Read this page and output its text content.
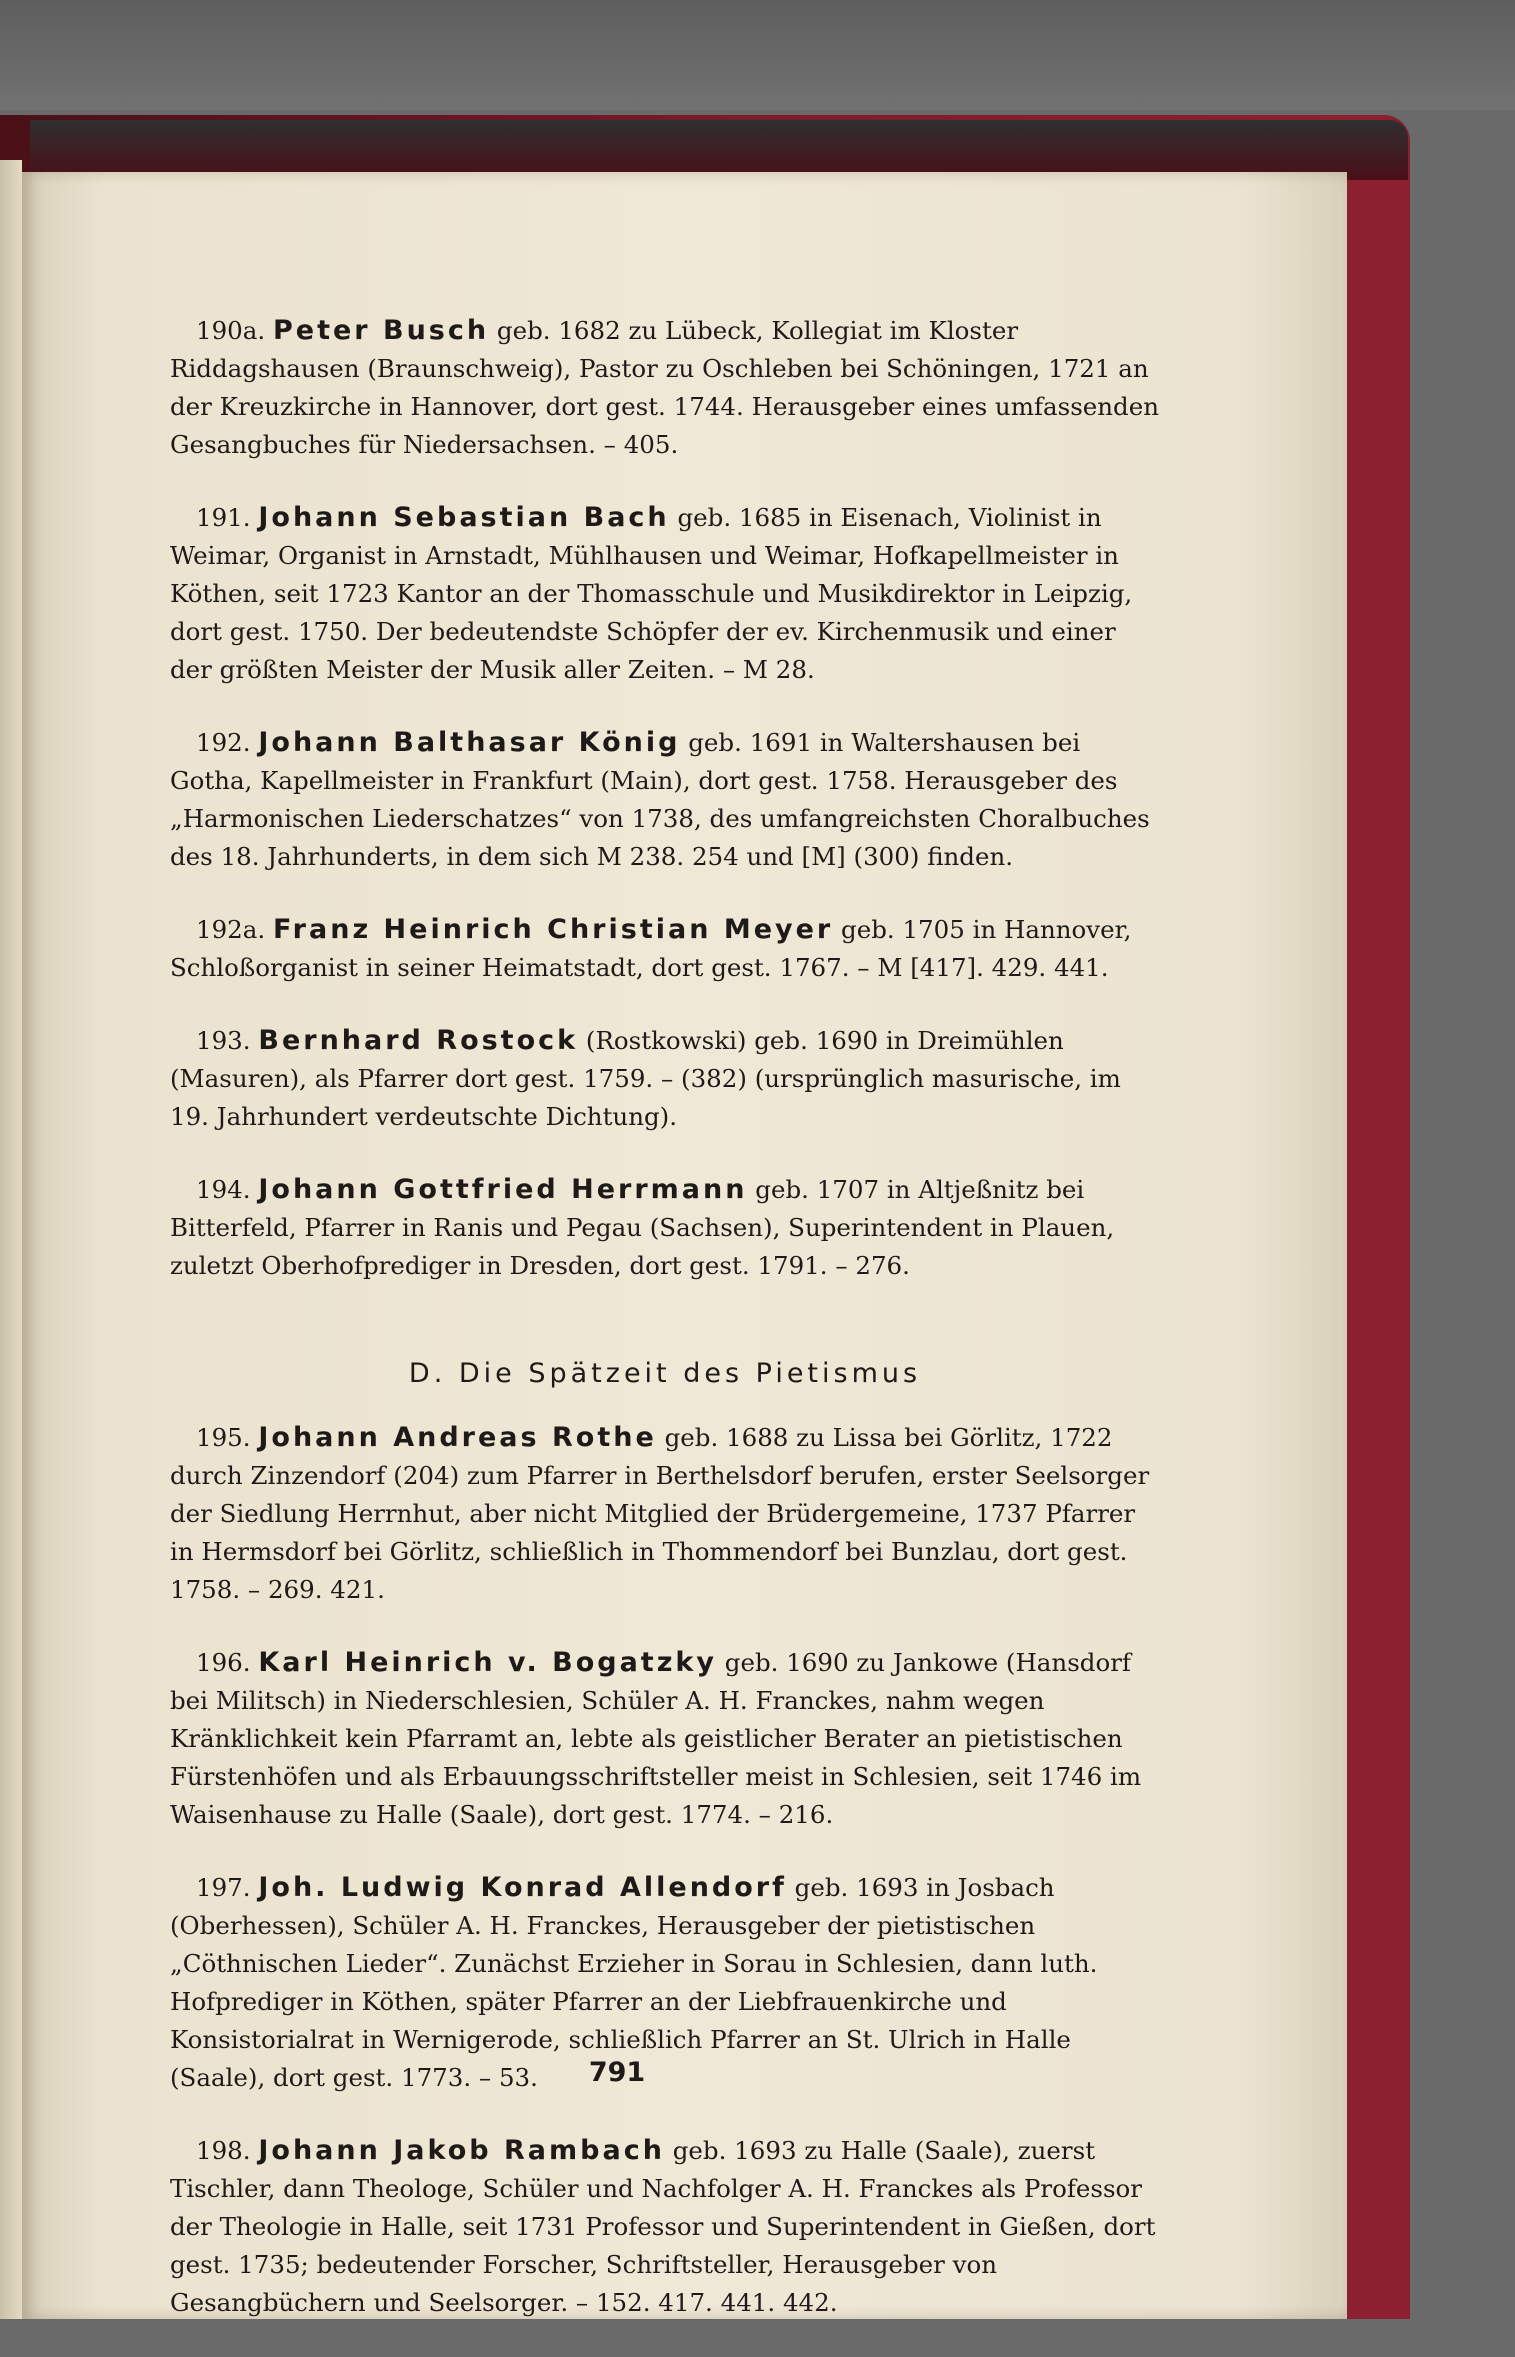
190a. Peter Busch geb. 1682 zu Lübeck, Kollegiat im Kloster Riddagshausen (Braunschweig), Pastor zu Oschleben bei Schöningen, 1721 an der Kreuzkirche in Hannover, dort gest. 1744. Herausgeber eines umfassenden Gesangbuches für Niedersachsen. – 405.

191. Johann Sebastian Bach geb. 1685 in Eisenach, Violinist in Weimar, Organist in Arnstadt, Mühlhausen und Weimar, Hofkapellmeister in Köthen, seit 1723 Kantor an der Thomasschule und Musikdirektor in Leipzig, dort gest. 1750. Der bedeutendste Schöpfer der ev. Kirchenmusik und einer der größten Meister der Musik aller Zeiten. – M 28.

192. Johann Balthasar König geb. 1691 in Waltershausen bei Gotha, Kapellmeister in Frankfurt (Main), dort gest. 1758. Herausgeber des „Harmonischen Liederschatzes“ von 1738, des umfangreichsten Choralbuches des 18. Jahrhunderts, in dem sich M 238. 254 und [M] (300) finden.

192a. Franz Heinrich Christian Meyer geb. 1705 in Hannover, Schloßorganist in seiner Heimatstadt, dort gest. 1767. – M [417]. 429. 441.

193. Bernhard Rostock (Rostkowski) geb. 1690 in Dreimühlen (Masuren), als Pfarrer dort gest. 1759. – (382) (ursprünglich masurische, im 19. Jahrhundert verdeutschte Dichtung).

194. Johann Gottfried Herrmann geb. 1707 in Altjeßnitz bei Bitterfeld, Pfarrer in Ranis und Pegau (Sachsen), Superintendent in Plauen, zuletzt Oberhofprediger in Dresden, dort gest. 1791. – 276.

D. Die Spätzeit des Pietismus

195. Johann Andreas Rothe geb. 1688 zu Lissa bei Görlitz, 1722 durch Zinzendorf (204) zum Pfarrer in Berthelsdorf berufen, erster Seelsorger der Siedlung Herrnhut, aber nicht Mitglied der Brüdergemeine, 1737 Pfarrer in Hermsdorf bei Görlitz, schließlich in Thommendorf bei Bunzlau, dort gest. 1758. – 269. 421.

196. Karl Heinrich v. Bogatzky geb. 1690 zu Jankowe (Hansdorf bei Militsch) in Niederschlesien, Schüler A. H. Franckes, nahm wegen Kränklichkeit kein Pfarramt an, lebte als geistlicher Berater an pietistischen Fürstenhöfen und als Erbauungsschriftsteller meist in Schlesien, seit 1746 im Waisenhause zu Halle (Saale), dort gest. 1774. – 216.

197. Joh. Ludwig Konrad Allendorf geb. 1693 in Josbach (Oberhessen), Schüler A. H. Franckes, Herausgeber der pietistischen „Cöthnischen Lieder“. Zunächst Erzieher in Sorau in Schlesien, dann luth. Hofprediger in Köthen, später Pfarrer an der Liebfrauenkirche und Konsistorialrat in Wernigerode, schließlich Pfarrer an St. Ulrich in Halle (Saale), dort gest. 1773. – 53.

198. Johann Jakob Rambach geb. 1693 zu Halle (Saale), zuerst Tischler, dann Theologe, Schüler und Nachfolger A. H. Franckes als Professor der Theologie in Halle, seit 1731 Professor und Superintendent in Gießen, dort gest. 1735; bedeutender Forscher, Schriftsteller, Herausgeber von Gesangbüchern und Seelsorger. – 152. 417. 441. 442.

791
